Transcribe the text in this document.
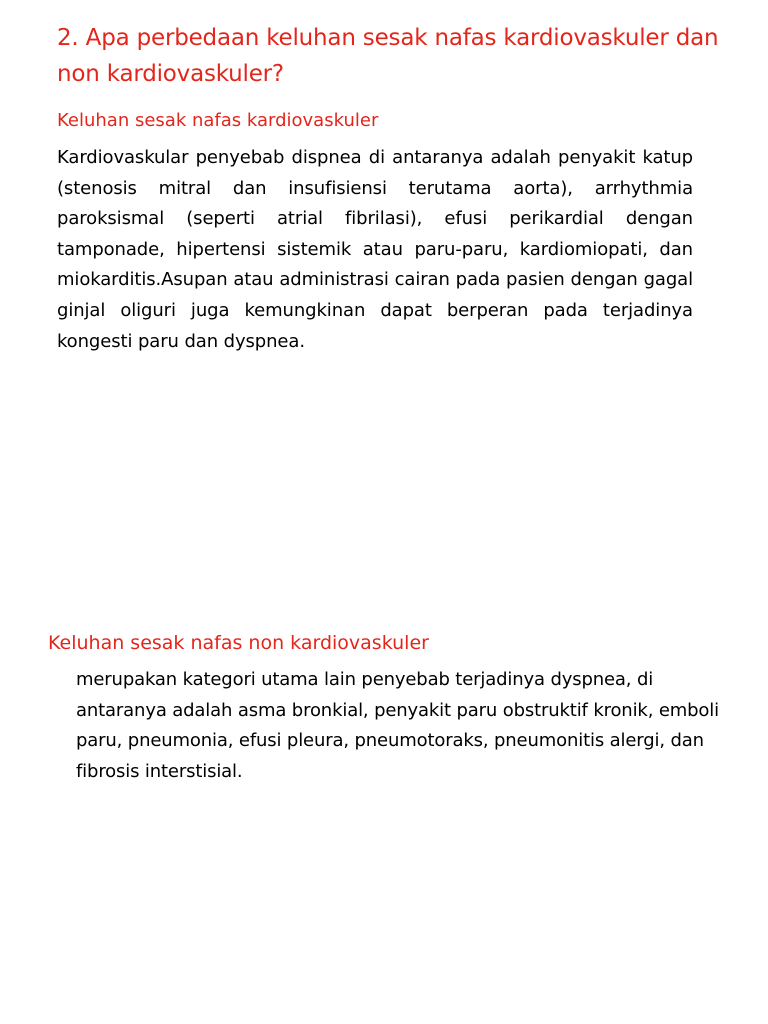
2. Apa perbedaan keluhan sesak nafas kardiovaskuler dan non kardiovaskuler?
Keluhan sesak nafas kardiovaskuler

Kardiovaskular penyebab dispnea di antaranya adalah penyakit katup (stenosis mitral dan insufisiensi terutama aorta), arrhythmia paroksismal (seperti atrial fibrilasi), efusi perikardial dengan tamponade, hipertensi sistemik atau paru-paru, kardiomiopati, dan miokarditis.Asupan atau administrasi cairan pada pasien dengan gagal ginjal oliguri juga kemungkinan dapat berperan pada terjadinya kongesti paru dan dyspnea.

Keluhan sesak nafas non kardiovaskuler

merupakan kategori utama lain penyebab terjadinya dyspnea, di antaranya adalah asma bronkial, penyakit paru obstruktif kronik, emboli paru, pneumonia, efusi pleura, pneumotoraks, pneumonitis alergi, dan fibrosis interstisial.
